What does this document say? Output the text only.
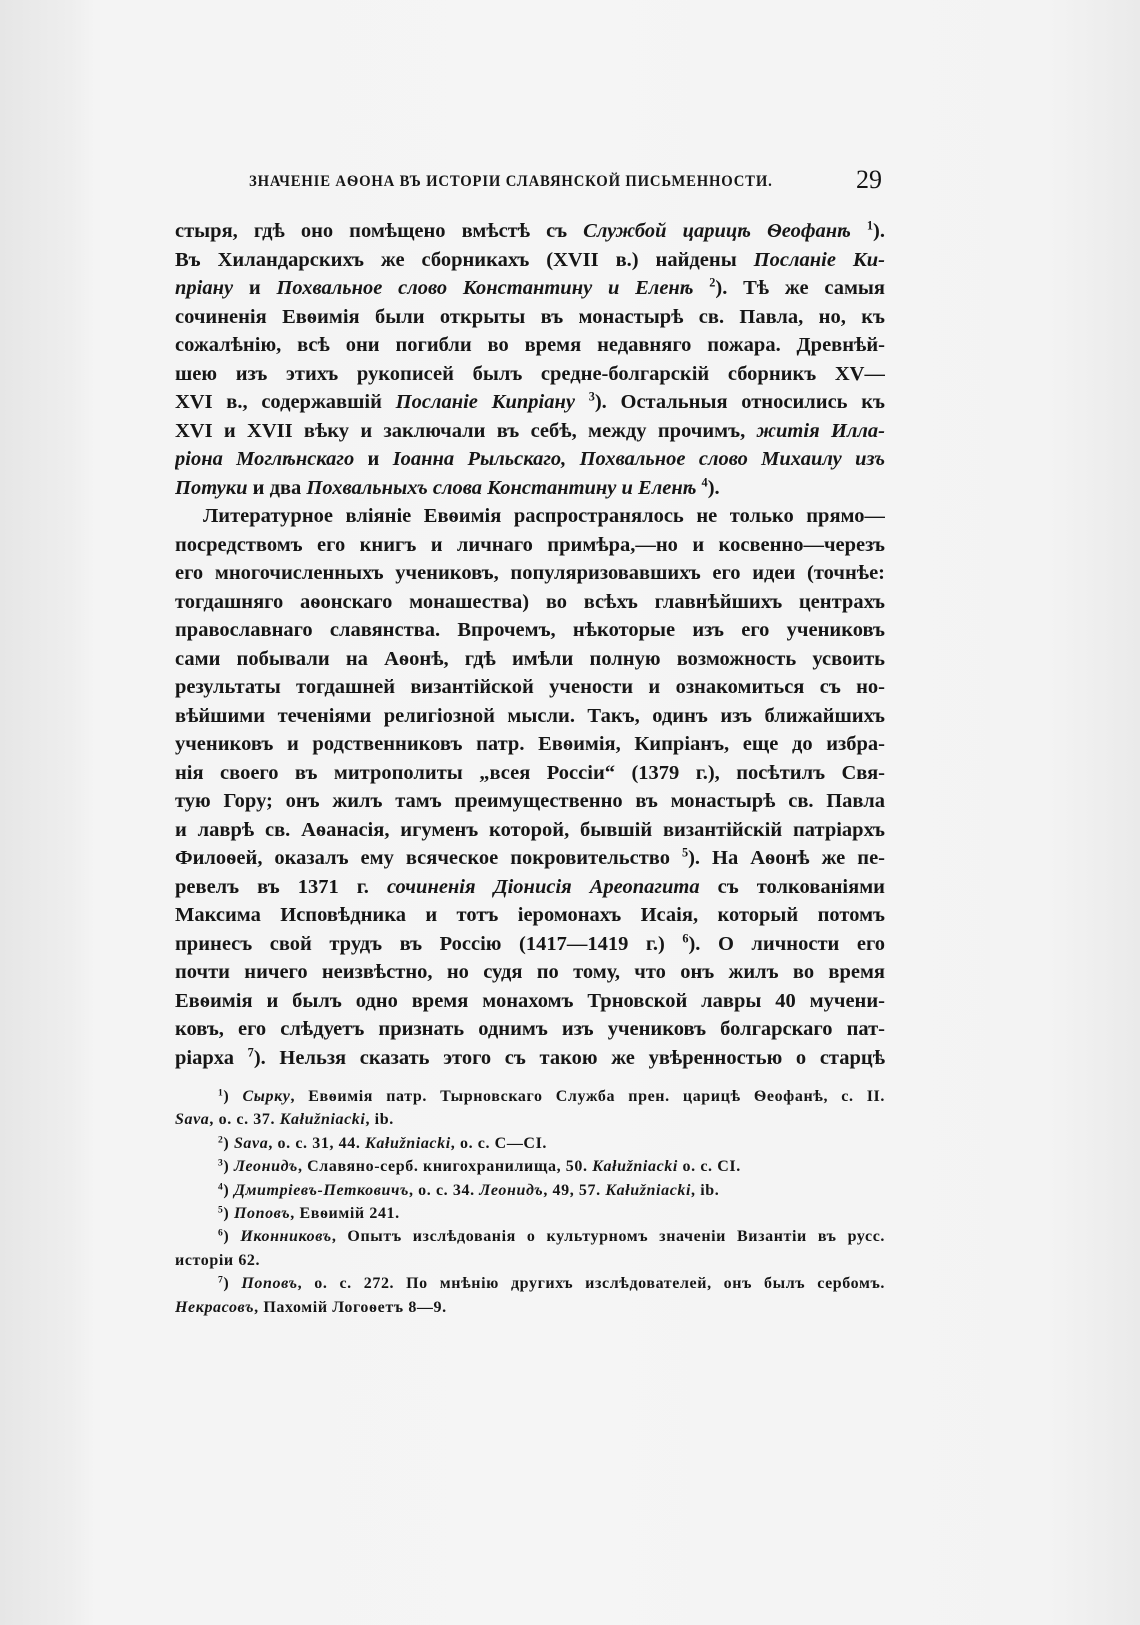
ЗНАЧЕНІЕ АѲОНА ВЪ ИСТОРІИ СЛАВЯНСКОЙ ПИСЬМЕННОСТИ.	29
стыря, гдѣ оно помѣщено вмѣстѣ съ Службой царицѣ Ѳеофанѣ $^1$).
Въ Хиландарскихъ же сборникахъ (XVII в.) найдены Посланіе Ки-
пріану и Похвальное слово Константину и Еленѣ $^2$). Тѣ же самыя
сочиненія Евѳимія были открыты въ монастырѣ св. Павла, но, къ
сожалѣнію, всѣ они погибли во время недавняго пожара. Древнѣй-
шею изъ этихъ рукописей былъ средне-болгарскій сборникъ XV—
XVI в., содержавшій Посланіе Кипріану $^3$). Остальныя относились къ
XVI и XVII вѣку и заключали въ себѣ, между прочимъ, житія Илла-
ріона Моглѣнскаго и Іоанна Рыльскаго, Похвальное слово Михаилу изъ
Потуки и два Похвальныхъ слова Константину и Еленѣ $^4$).
Литературное вліяніе Евѳимія распространялось не только прямо—
посредствомъ его книгъ и личнаго примѣра,—но и косвенно—черезъ
его многочисленныхъ учениковъ, популяризовавшихъ его идеи (точнѣе:
тогдашняго аѳонскаго монашества) во всѣхъ главнѣйшихъ центрахъ
православнаго славянства. Впрочемъ, нѣкоторые изъ его учениковъ
сами побывали на Аѳонѣ, гдѣ имѣли полную возможность усвоить
результаты тогдашней византійской учености и ознакомиться съ но-
вѣйшими теченіями религіозной мысли. Такъ, одинъ изъ ближайшихъ
учениковъ и родственниковъ патр. Евѳимія, Кипріанъ, еще до избра-
нія своего въ митрополиты „всея Россіи“ (1379 г.), посѣтилъ Свя-
тую Гору; онъ жилъ тамъ преимущественно въ монастырѣ св. Павла
и лаврѣ св. Аѳанасія, игуменъ которой, бывшій византійскій патріархъ
Филоѳей, оказалъ ему всяческое покровительство $^5$). На Аѳонѣ же пе-
ревелъ въ 1371 г. сочиненія Діонисія Ареопагита съ толкованіями
Максима Исповѣдника и тотъ іеромонахъ Исаія, который потомъ
принесъ свой трудъ въ Россію (1417—1419 г.) $^6$). О личности его
почти ничего неизвѣстно, но судя по тому, что онъ жилъ во время
Евѳимія и былъ одно время монахомъ Трновской лавры 40 мучени-
ковъ, его слѣдуетъ признать однимъ изъ учениковъ болгарскаго пат-
ріарха $^7$). Нельзя сказать этого съ такою же увѣренностью о старцѣ
$^1$) Сырку, Евѳимія патр. Тырновскаго Служба прен. царицѣ Ѳеофанѣ, с. II.
Sava, o. c. 37. Kałužniacki, ib.
$^2$) Sava, o. c. 31, 44. Kałužniacki, o. c. C—CI.
$^3$) Леонидъ, Славяно-серб. книгохранилища, 50. Kałužniacki o. c. CI.
$^4$) Дмитріевъ-Петковичъ, o. c. 34. Леонидъ, 49, 57. Kałužniacki, ib.
$^5$) Поповъ, Евѳимій 241.
$^6$) Иконниковъ, Опытъ изслѣдованія о культурномъ значеніи Византіи въ русс.
исторіи 62.
$^7$) Поповъ, o. c. 272. По мнѣнію другихъ изслѣдователей, онъ былъ сербомъ.
Некрасовъ, Пахомій Логоѳетъ 8—9.
